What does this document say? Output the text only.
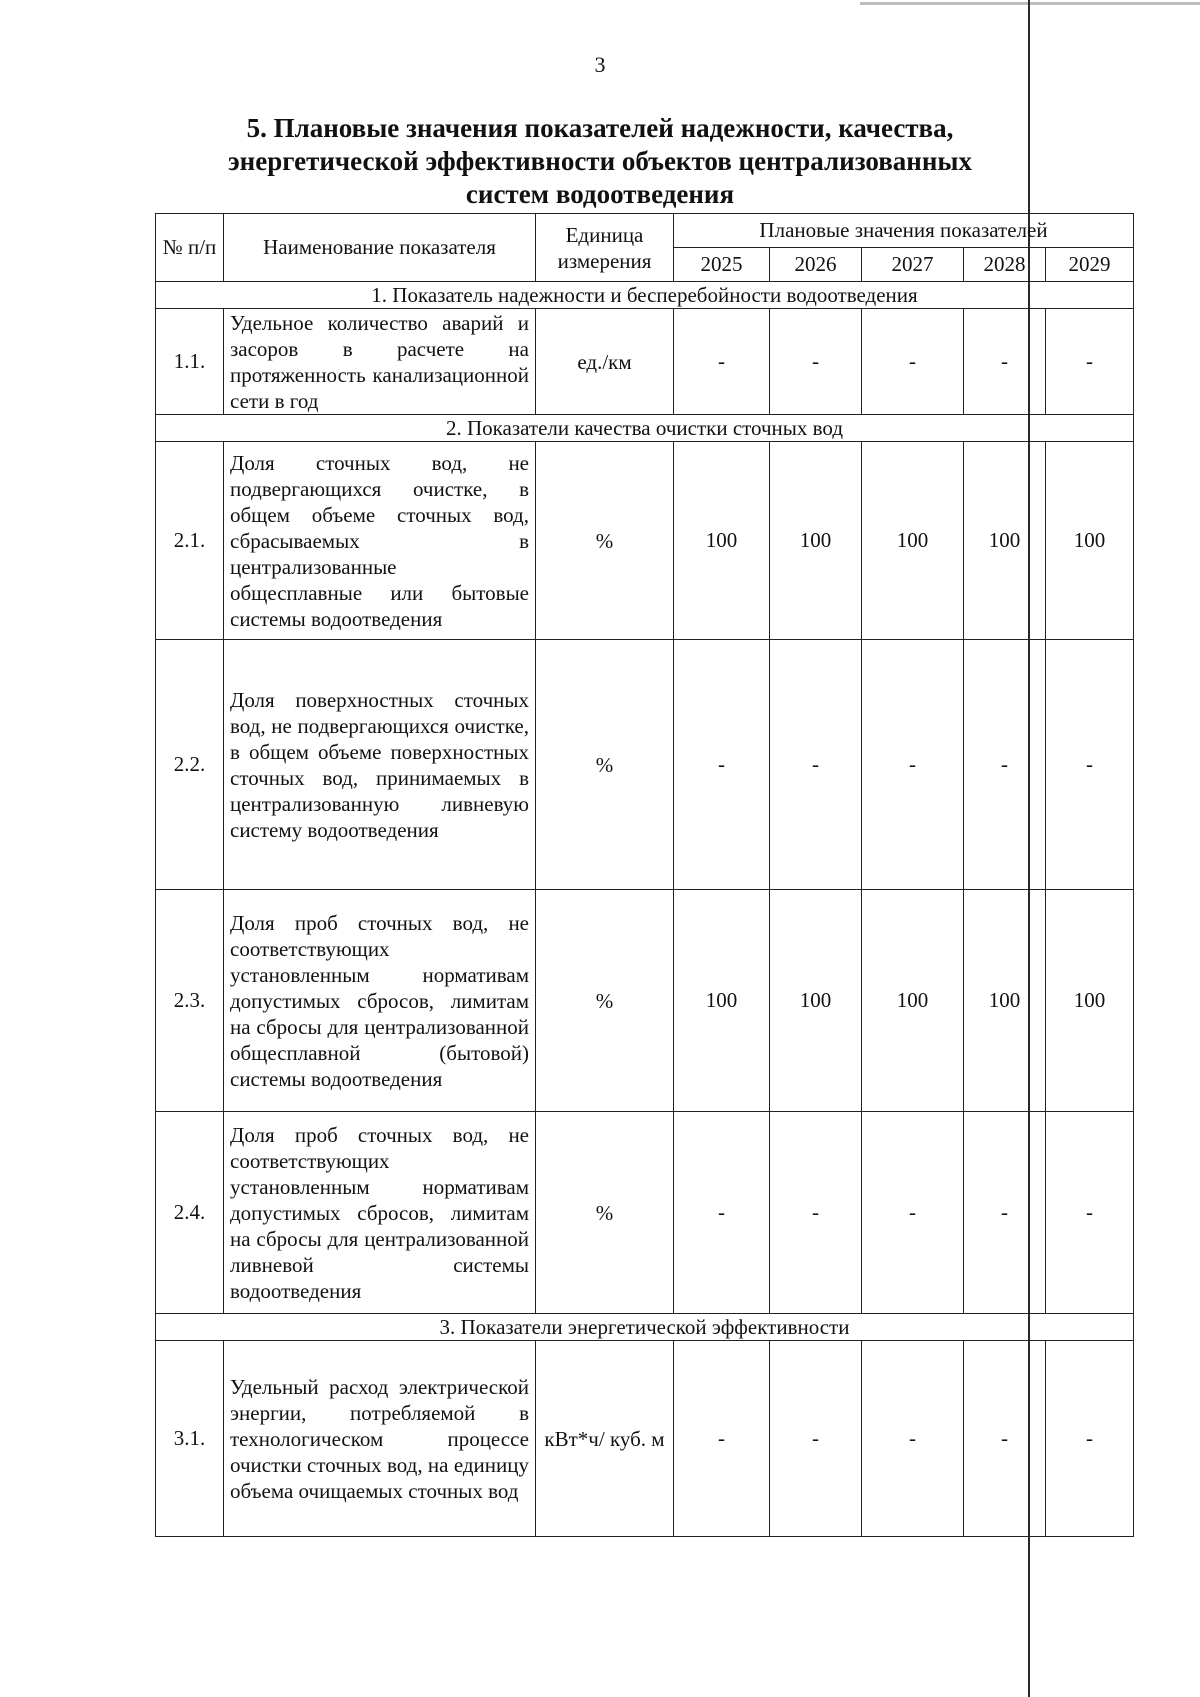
3
5. Плановые значения показателей надежности, качества,
энергетической эффективности объектов централизованных
систем водоотведения
№ п/п	Наименование показателя	Единица измерения	Плановые значения показателей				
			2025	2026	2027	2028	2029
1. Показатель надежности и бесперебойности водоотведения							
1.1.	Удельное количество аварий и засоров в расчете на протяженность канализационной сети в год	ед./км	-	-	-	-	-
2. Показатели качества очистки сточных вод							
2.1.	Доля сточных вод, не подвергающихся очистке, в общем объеме сточных вод, сбрасываемых в централизованные общесплавные или бытовые системы водоотведения	%	100	100	100	100	100
2.2.	Доля поверхностных сточных вод, не подвергающихся очистке, в общем объеме поверхностных сточных вод, принимаемых в централизованную ливневую систему водоотведения	%	-	-	-	-	-
2.3.	Доля проб сточных вод, не соответствующих установленным нормативам допустимых сбросов, лимитам на сбросы для централизованной общесплавной (бытовой) системы водоотведения	%	100	100	100	100	100
2.4.	Доля проб сточных вод, не соответствующих установленным нормативам допустимых сбросов, лимитам на сбросы для централизованной ливневой системы водоотведения	%	-	-	-	-	-
3. Показатели энергетической эффективности							
3.1.	Удельный расход электрической энергии, потребляемой в технологическом процессе очистки сточных вод, на единицу объема очищаемых сточных вод	кВт*ч/ куб. м	-	-	-	-	-
